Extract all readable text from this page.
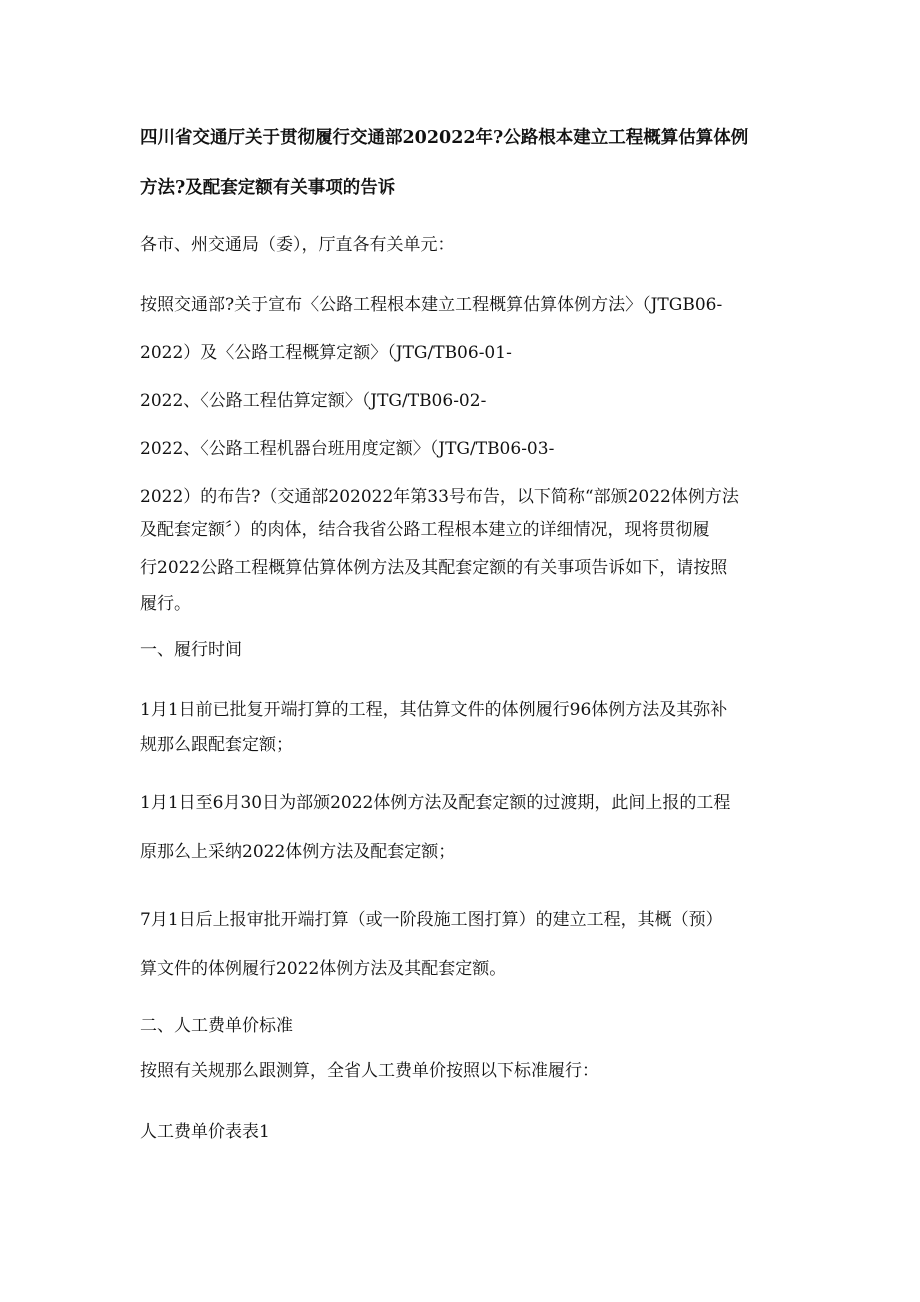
四川省交通厅关于贯彻履行交通部202022年?公路根本建立工程概算估算体例
方法?及配套定额有关事项的告诉
各市、州交通局（委），厅直各有关单元：
按照交通部?关于宣布〈公路工程根本建立工程概算估算体例方法〉（JTGB06-
2022）及〈公路工程概算定额〉（JTG/TB06-01-
2022、〈公路工程估算定额〉（JTG/TB06-02-
2022、〈公路工程机器台班用度定额〉（JTG/TB06-03-
2022）的布告?（交通部202022年第33号布告，以下简称“部颁2022体例方法
及配套定额〞）的肉体，结合我省公路工程根本建立的详细情况，现将贯彻履
行2022公路工程概算估算体例方法及其配套定额的有关事项告诉如下，请按照
履行。
一、履行时间
1月1日前已批复开端打算的工程，其估算文件的体例履行96体例方法及其弥补
规那么跟配套定额；
1月1日至6月30日为部颁2022体例方法及配套定额的过渡期，此间上报的工程
原那么上采纳2022体例方法及配套定额；
7月1日后上报审批开端打算（或一阶段施工图打算）的建立工程，其概（预）
算文件的体例履行2022体例方法及其配套定额。
二、人工费单价标准
按照有关规那么跟测算，全省人工费单价按照以下标准履行：
人工费单价表表1
